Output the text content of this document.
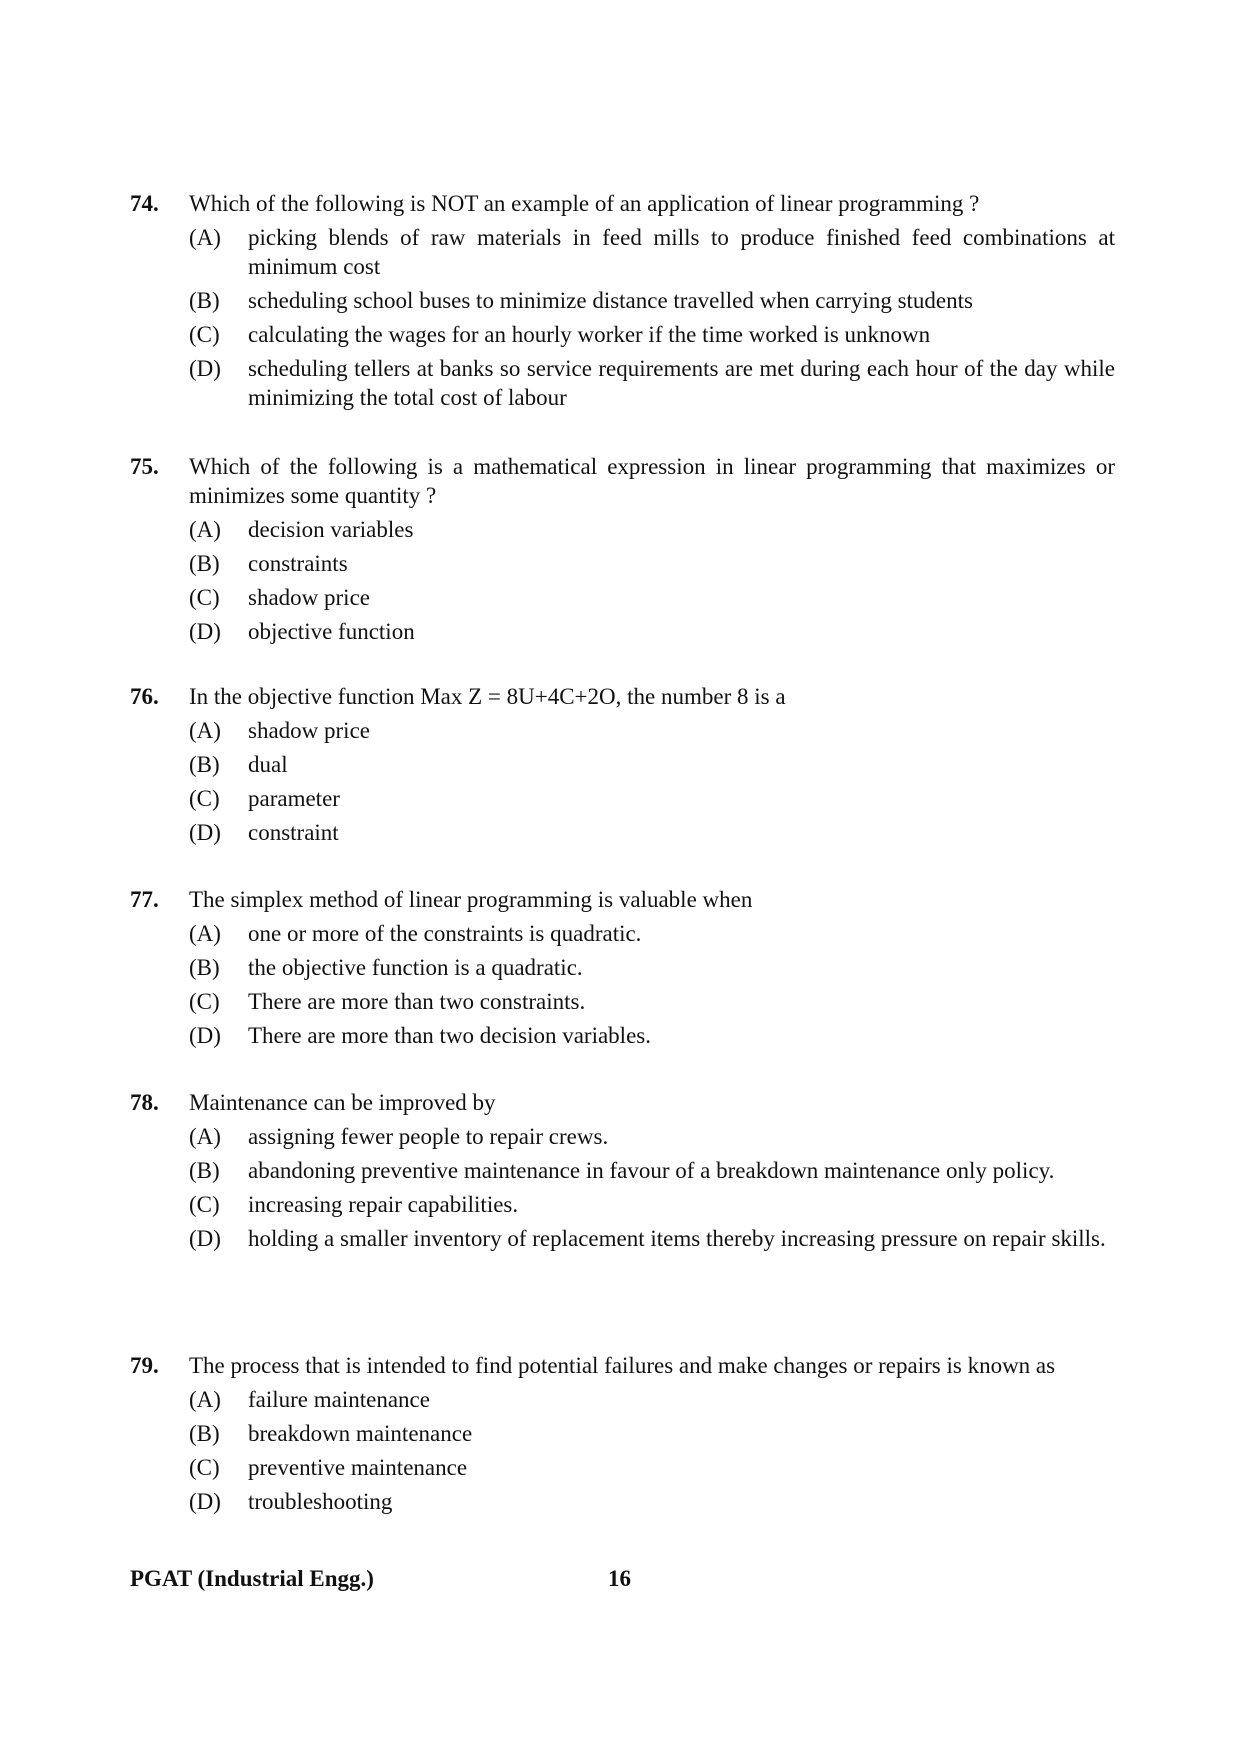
74.	Which of the following is NOT an example of an application of linear programming ?
(A)	picking blends of raw materials in feed mills to produce finished feed combinations at minimum cost
(B)	scheduling school buses to minimize distance travelled when carrying students
(C)	calculating the wages for an hourly worker if the time worked is unknown
(D)	scheduling tellers at banks so service requirements are met during each hour of the day while minimizing the total cost of labour
75.	Which of the following is a mathematical expression in linear programming that maximizes or minimizes some quantity ?
(A)	decision variables
(B)	constraints
(C)	shadow price
(D)	objective function
76.	In the objective function Max Z = 8U+4C+2O, the number 8 is a
(A)	shadow price
(B)	dual
(C)	parameter
(D)	constraint
77.	The simplex method of linear programming is valuable when
(A)	one or more of the constraints is quadratic.
(B)	the objective function is a quadratic.
(C)	There are more than two constraints.
(D)	There are more than two decision variables.
78.	Maintenance can be improved by
(A)	assigning fewer people to repair crews.
(B)	abandoning preventive maintenance in favour of a breakdown maintenance only policy.
(C)	increasing repair capabilities.
(D)	holding a smaller inventory of replacement items thereby increasing pressure on repair skills.
79.	The process that is intended to find potential failures and make changes or repairs is known as
(A)	failure maintenance
(B)	breakdown maintenance
(C)	preventive maintenance
(D)	troubleshooting
PGAT (Industrial Engg.)	16
